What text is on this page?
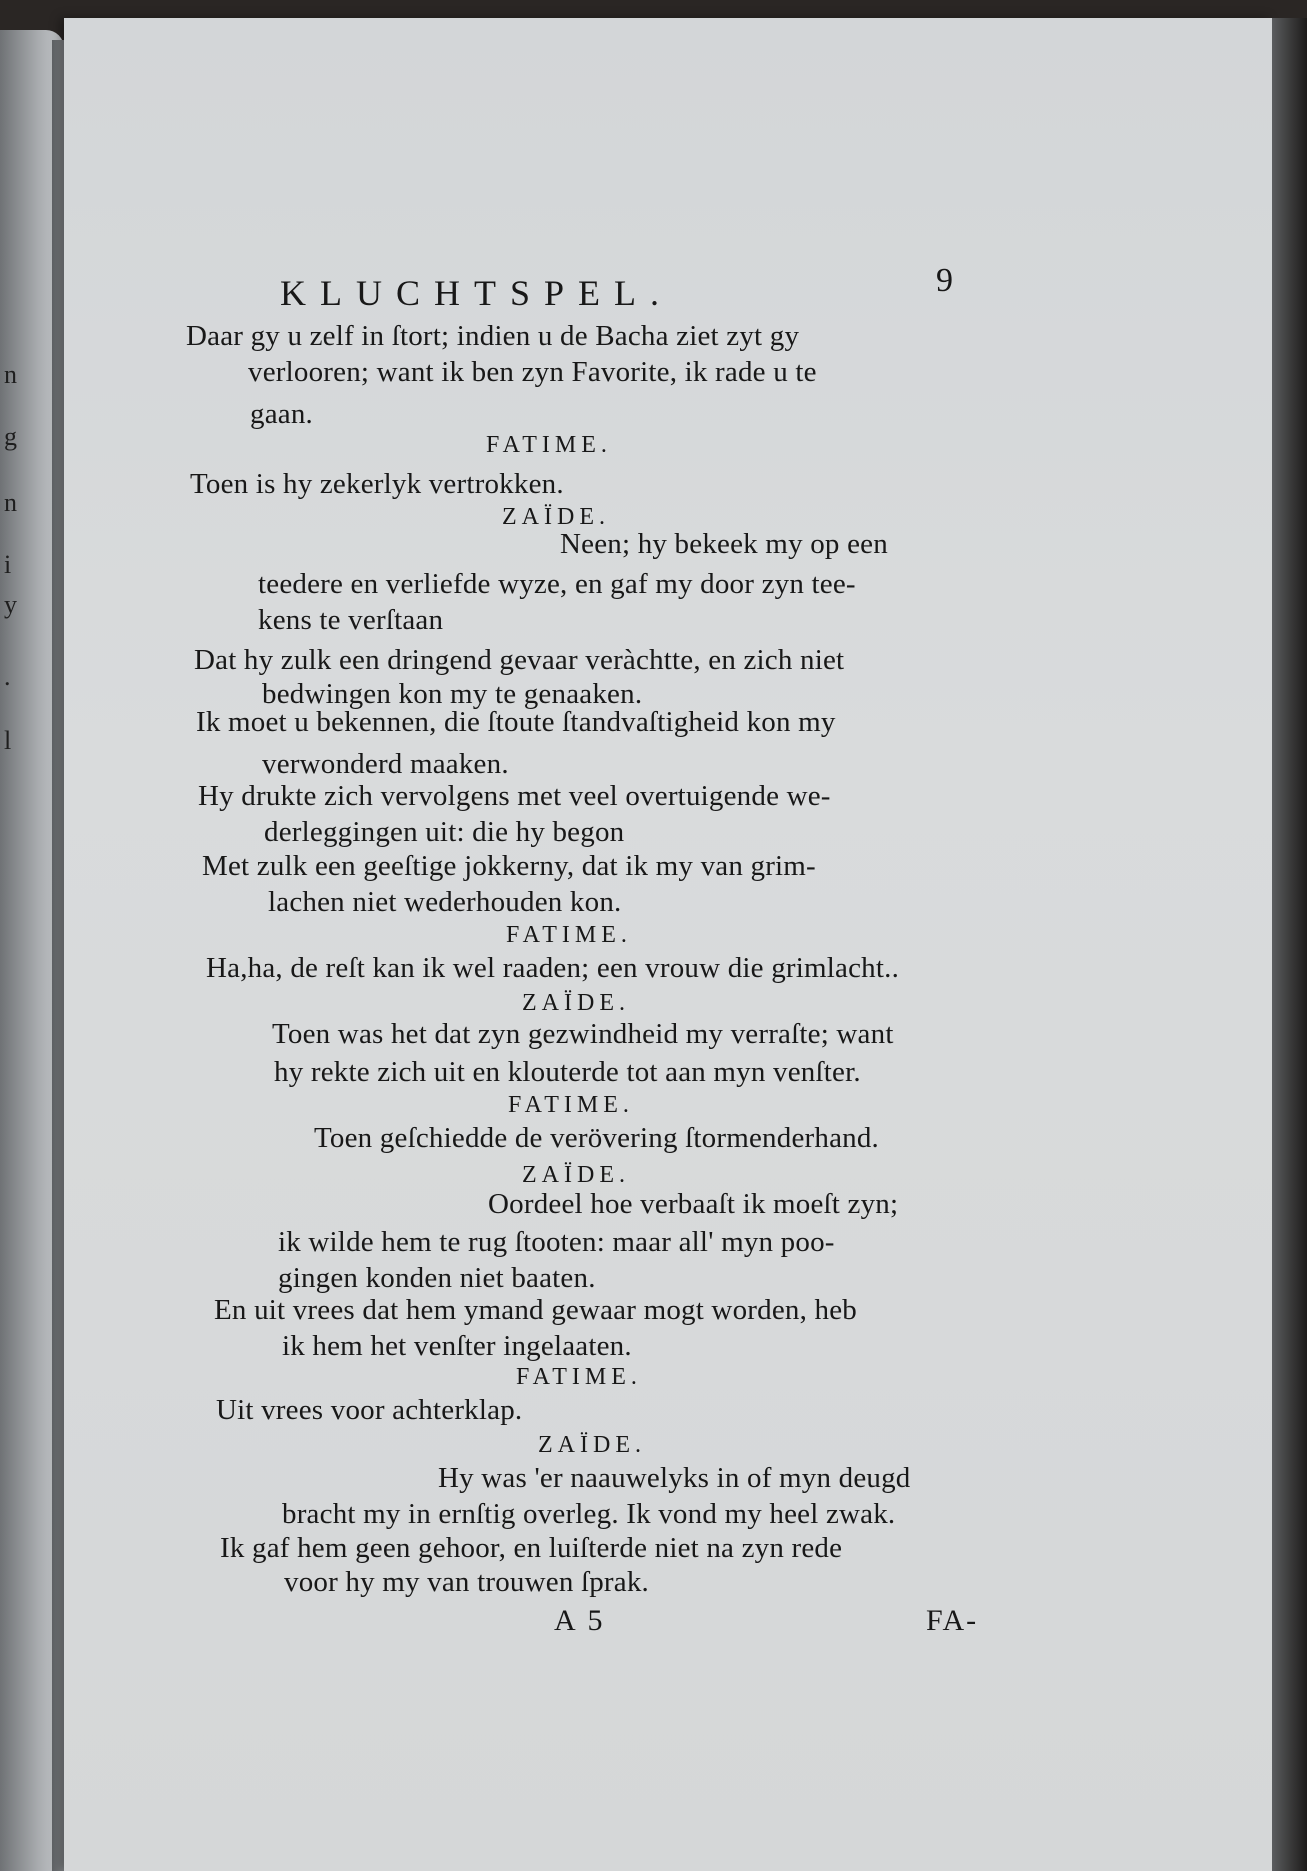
n
g
n
i
y
.
l
KLUCHTSPEL.	9
Daar gy u zelf in ſtort; indien u de Bacha ziet zyt gy
verlooren; want ik ben zyn Favorite, ik rade u te
gaan.
FATIME.
Toen is hy zekerlyk vertrokken.
ZAÏDE.
Neen; hy bekeek my op een
teedere en verliefde wyze, en gaf my door zyn tee-
kens te verſtaan
Dat hy zulk een dringend gevaar veràchtte, en zich niet
bedwingen kon my te genaaken.
Ik moet u bekennen, die ſtoute ſtandvaſtigheid kon my
verwonderd maaken.
Hy drukte zich vervolgens met veel overtuigende we-
derleggingen uit: die hy begon
Met zulk een geeſtige jokkerny, dat ik my van grim-
lachen niet wederhouden kon.
FATIME.
Ha,ha, de reſt kan ik wel raaden; een vrouw die grimlacht..
ZAÏDE.
Toen was het dat zyn gezwindheid my verraſte; want
hy rekte zich uit en klouterde tot aan myn venſter.
FATIME.
Toen geſchiedde de verövering ſtormenderhand.
ZAÏDE.
Oordeel hoe verbaaſt ik moeſt zyn;
ik wilde hem te rug ſtooten: maar all' myn poo-
gingen konden niet baaten.
En uit vrees dat hem ymand gewaar mogt worden, heb
ik hem het venſter ingelaaten.
FATIME.
Uit vrees voor achterklap.
ZAÏDE.
Hy was 'er naauwelyks in of myn deugd
bracht my in ernſtig overleg. Ik vond my heel zwak.
Ik gaf hem geen gehoor, en luiſterde niet na zyn rede
voor hy my van trouwen ſprak.
A 5	FA-
